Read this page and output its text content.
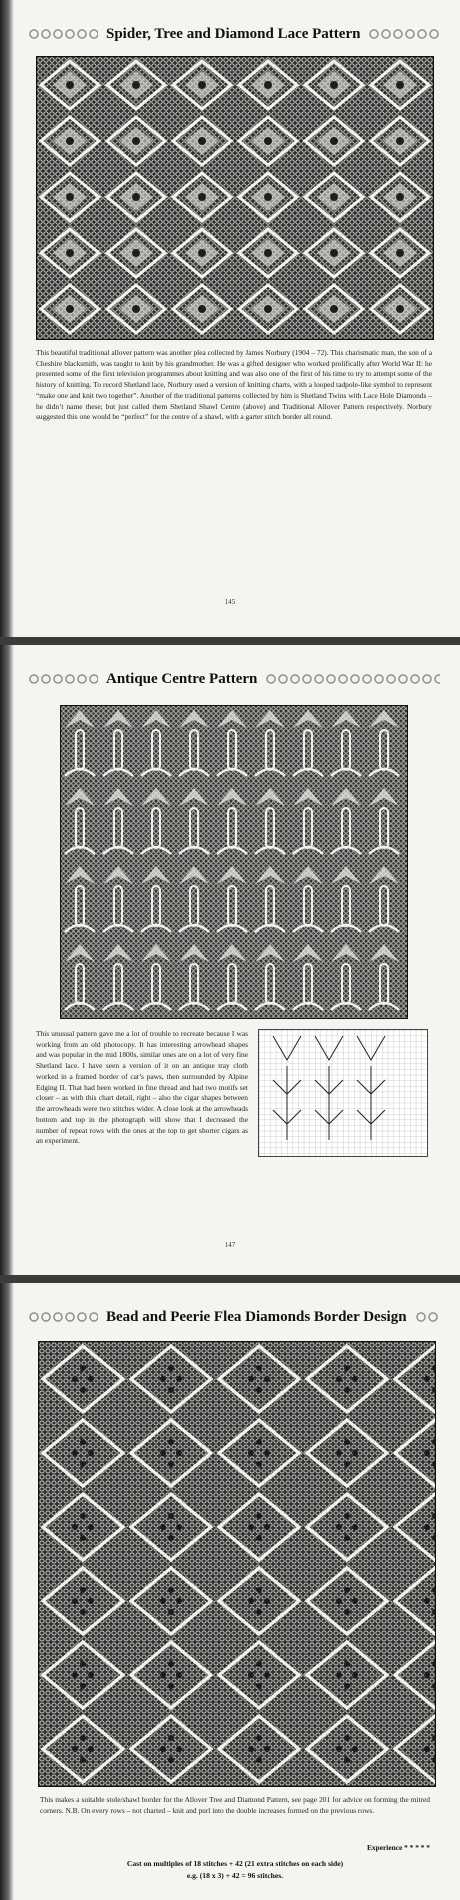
Spider, Tree and Diamond Lace Pattern
This beautiful traditional allover pattern was another plea collected by James Norbury (1904 – 72). This charismatic man, the son of a Cheshire blacksmith, was taught to knit by his grandmother. He was a gifted designer who worked prolifically after World War II: he presented some of the first television programmes about knitting and was also one of the first of his time to try to attempt some of the history of knitting. To record Shetland lace, Norbury used a version of knitting charts, with a looped tadpole-like symbol to represent “make one and knit two together”. Another of the traditional patterns collected by him is Shetland Twins with Lace Hole Diamonds – he didn’t name these; but just called them Shetland Shawl Centre (above) and Traditional Allover Pattern respectively. Norbury suggested this one would be “perfect” for the centre of a shawl, with a garter stitch border all round.
145
Antique Centre Pattern
This unusual pattern gave me a lot of trouble to recreate because I was working from an old photocopy. It has interesting arrowhead shapes and was popular in the mid 1800s, similar ones are on a lot of very fine Shetland lace. I have seen a version of it on an antique tray cloth worked in a framed border of cat’s paws, then surrounded by Alpine Edging II. That had been worked in fine thread and had two motifs set closer – as with this chart detail, right – also the cigar shapes between the arrowheads were two stitches wider. A close look at the arrowheads bottom and top in the photograph will show that I decreased the number of repeat rows with the ones at the top to get shorter cigars as an experiment.
147
Bead and Peerie Flea Diamonds Border Design
This makes a suitable stole/shawl border for the Allover Tree and Diamond Pattern, see page 201 for advice on forming the mitred corners. N.B. On every rows – not charted – knit and purl into the double increases formed on the previous rows.
Experience * * * * *
Cast on multiples of 18 stitches + 42 (21 extra stitches on each side)
e.g. (18 x 3) + 42 = 96 stitches.
